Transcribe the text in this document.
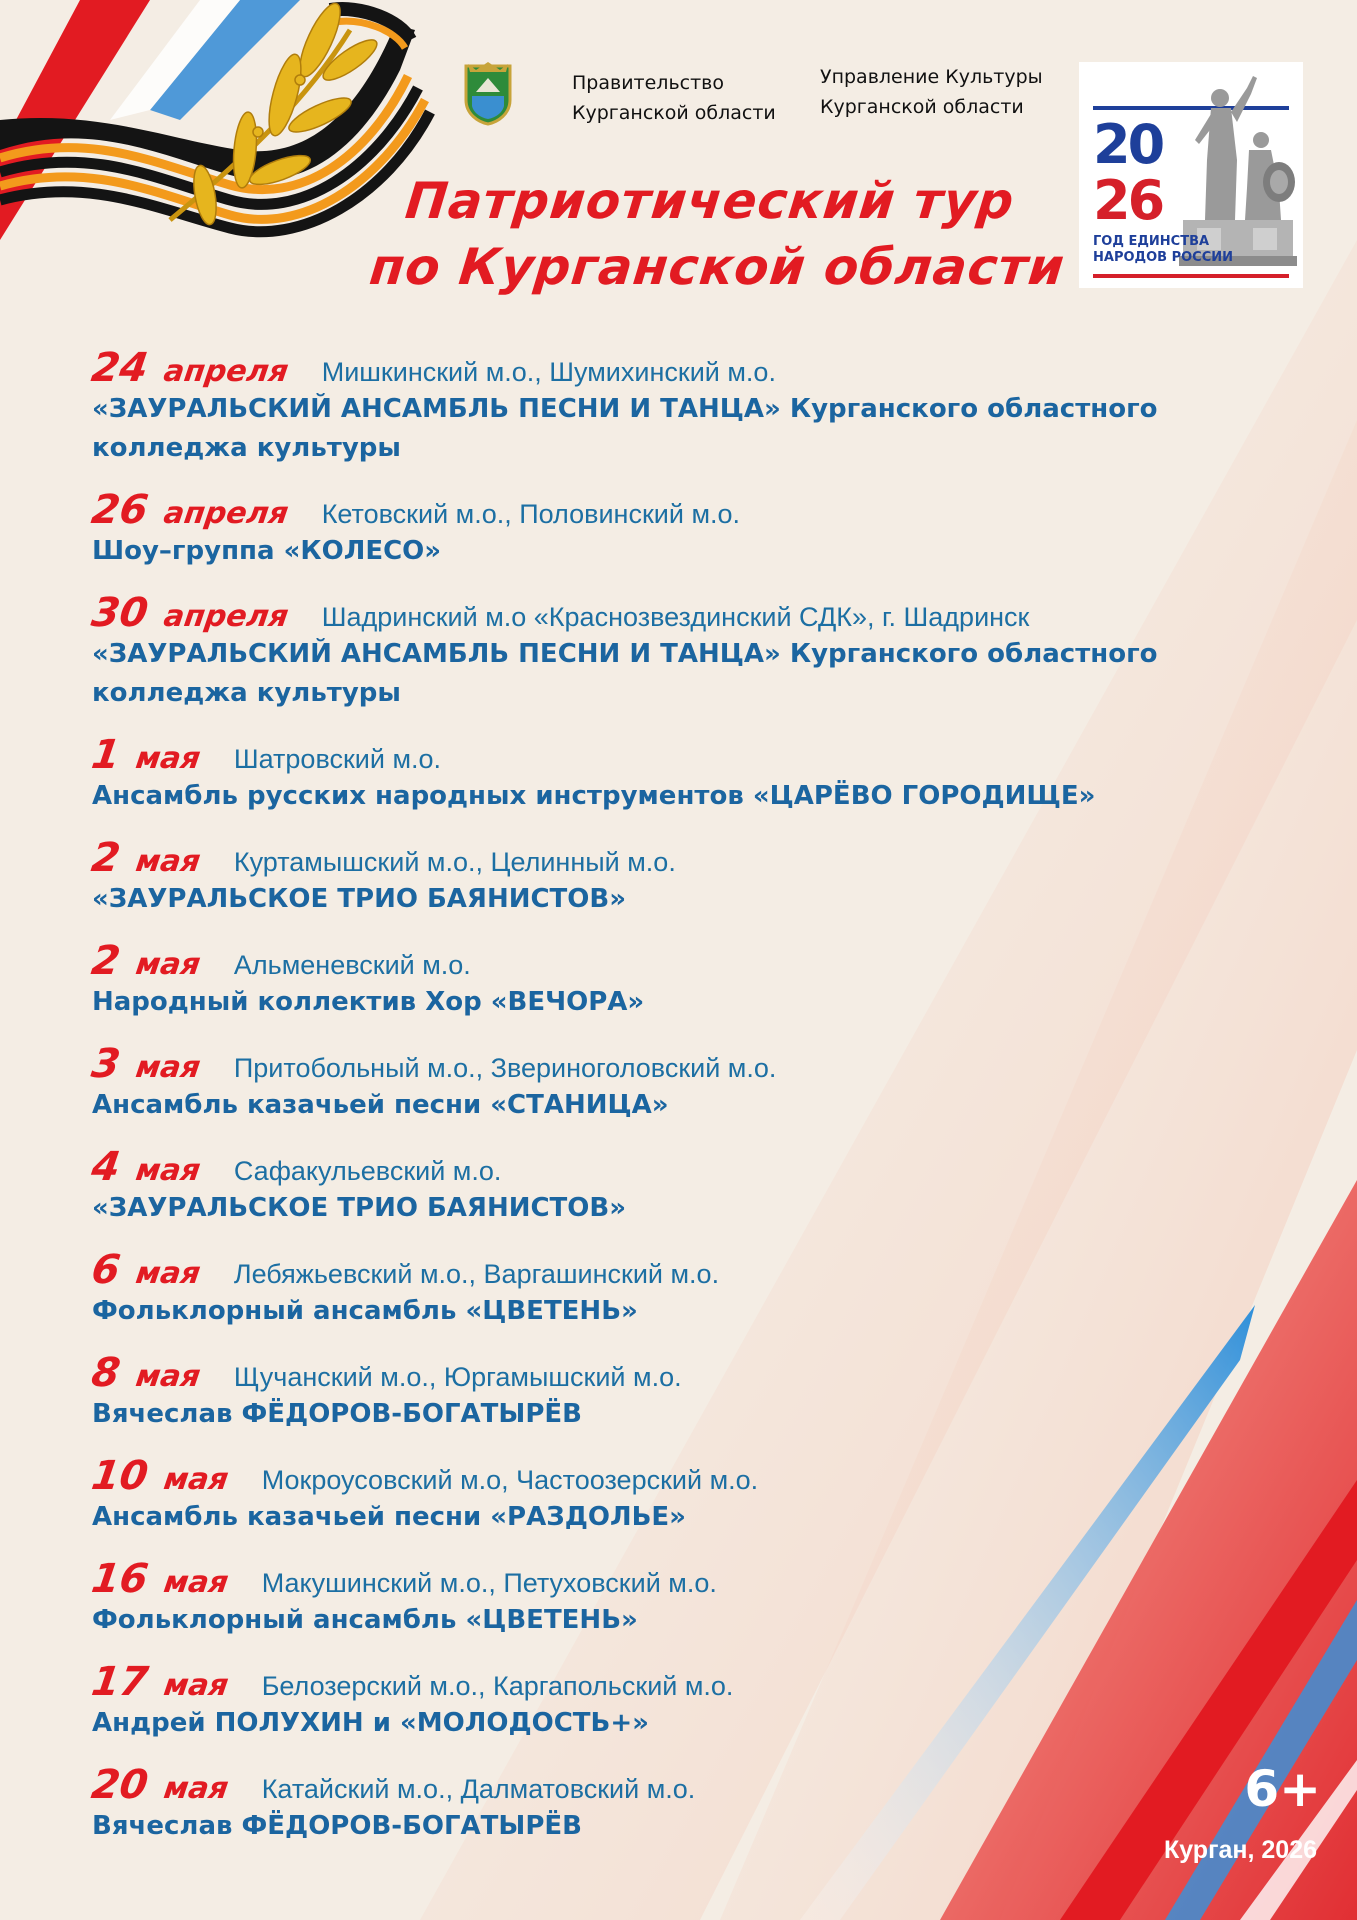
Правительство
Курганской области
Управление Культуры
Курганской области
20
26
ГОД ЕДИНСТВА
НАРОДОВ РОССИИ
Патриотический тур
по Курганской области
24 апреля Мишкинский м.о., Шумихинский м.о.
«ЗАУРАЛЬСКИЙ АНСАМБЛЬ ПЕСНИ И ТАНЦА» Курганского областного
колледжа культуры
26 апреля Кетовский м.о., Половинский м.о.
Шоу–группа «КОЛЕСО»
30 апреля Шадринский м.о «Краснозвездинский СДК», г. Шадринск
«ЗАУРАЛЬСКИЙ АНСАМБЛЬ ПЕСНИ И ТАНЦА» Курганского областного
колледжа культуры
1 мая Шатровский м.о.
Ансамбль русских народных инструментов «ЦАРЁВО ГОРОДИЩЕ»
2 мая Куртамышский м.о., Целинный м.о.
«ЗАУРАЛЬСКОЕ ТРИО БАЯНИСТОВ»
2 мая Альменевский м.о.
Народный коллектив Хор «ВЕЧОРА»
3 мая Притобольный м.о., Звериноголовский м.о.
Ансамбль казачьей песни «СТАНИЦА»
4 мая Сафакульевский м.о.
«ЗАУРАЛЬСКОЕ ТРИО БАЯНИСТОВ»
6 мая Лебяжьевский м.о., Варгашинский м.о.
Фольклорный ансамбль «ЦВЕТЕНЬ»
8 мая Щучанский м.о., Юргамышский м.о.
Вячеслав ФЁДОРОВ-БОГАТЫРЁВ
10 мая Мокроусовский м.о, Частоозерский м.о.
Ансамбль казачьей песни «РАЗДОЛЬЕ»
16 мая Макушинский м.о., Петуховский м.о.
Фольклорный ансамбль «ЦВЕТЕНЬ»
17 мая Белозерский м.о., Каргапольский м.о.
Андрей ПОЛУХИН и «МОЛОДОСТЬ+»
20 мая Катайский м.о., Далматовский м.о.
Вячеслав ФЁДОРОВ-БОГАТЫРЁВ
6+
Курган, 2026
